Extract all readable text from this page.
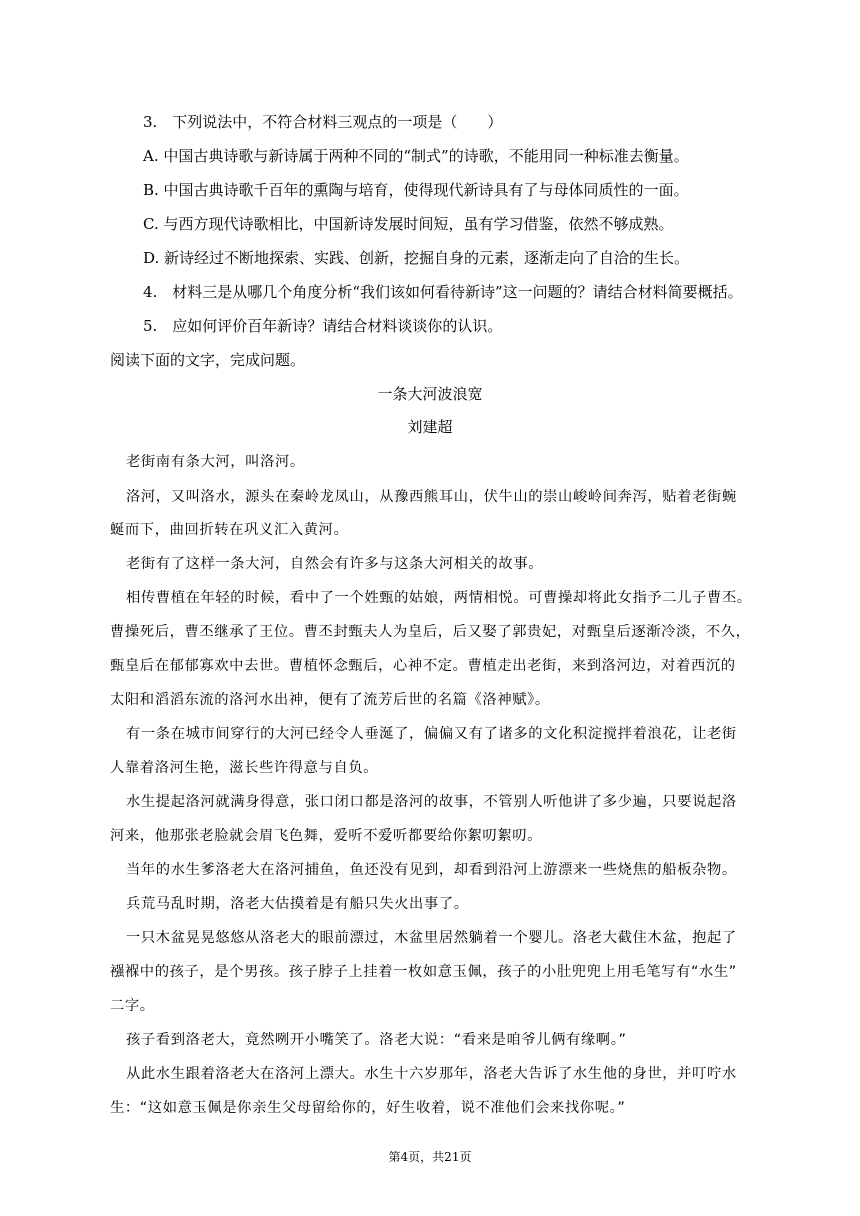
3.　下列说法中，不符合材料三观点的一项是（　　）
A. 中国古典诗歌与新诗属于两种不同的“制式”的诗歌，不能用同一种标准去衡量。
B. 中国古典诗歌千百年的熏陶与培育，使得现代新诗具有了与母体同质性的一面。
C. 与西方现代诗歌相比，中国新诗发展时间短，虽有学习借鉴，依然不够成熟。
D. 新诗经过不断地探索、实践、创新，挖掘自身的元素，逐渐走向了自洽的生长。
4.　材料三是从哪几个角度分析“我们该如何看待新诗”这一问题的？请结合材料简要概括。
5.　应如何评价百年新诗？请结合材料谈谈你的认识。
阅读下面的文字，完成问题。
一条大河波浪宽
刘建超
老街南有条大河，叫洛河。
洛河，又叫洛水，源头在秦岭龙凤山，从豫西熊耳山，伏牛山的崇山峻岭间奔泻，贴着老街蜿
蜒而下，曲回折转在巩义汇入黄河。
老街有了这样一条大河，自然会有许多与这条大河相关的故事。
相传曹植在年轻的时候，看中了一个姓甄的姑娘，两情相悦。可曹操却将此女指予二儿子曹丕。
曹操死后，曹丕继承了王位。曹丕封甄夫人为皇后，后又娶了郭贵妃，对甄皇后逐渐冷淡，不久，
甄皇后在郁郁寡欢中去世。曹植怀念甄后，心神不定。曹植走出老街，来到洛河边，对着西沉的
太阳和滔滔东流的洛河水出神，便有了流芳后世的名篇《洛神赋》。
有一条在城市间穿行的大河已经令人垂涎了，偏偏又有了诸多的文化积淀搅拌着浪花，让老街
人靠着洛河生艳，滋长些许得意与自负。
水生提起洛河就满身得意，张口闭口都是洛河的故事，不管别人听他讲了多少遍，只要说起洛
河来，他那张老脸就会眉飞色舞，爱听不爱听都要给你絮叨絮叨。
当年的水生爹洛老大在洛河捕鱼，鱼还没有见到，却看到沿河上游漂来一些烧焦的船板杂物。
兵荒马乱时期，洛老大估摸着是有船只失火出事了。
一只木盆晃晃悠悠从洛老大的眼前漂过，木盆里居然躺着一个婴儿。洛老大截住木盆，抱起了
襁褓中的孩子，是个男孩。孩子脖子上挂着一枚如意玉佩，孩子的小肚兜兜上用毛笔写有“水生”
二字。
孩子看到洛老大，竟然咧开小嘴笑了。洛老大说：“看来是咱爷儿俩有缘啊。”
从此水生跟着洛老大在洛河上漂大。水生十六岁那年，洛老大告诉了水生他的身世，并叮咛水
生：“这如意玉佩是你亲生父母留给你的，好生收着，说不准他们会来找你呢。”
第4页，共21页
